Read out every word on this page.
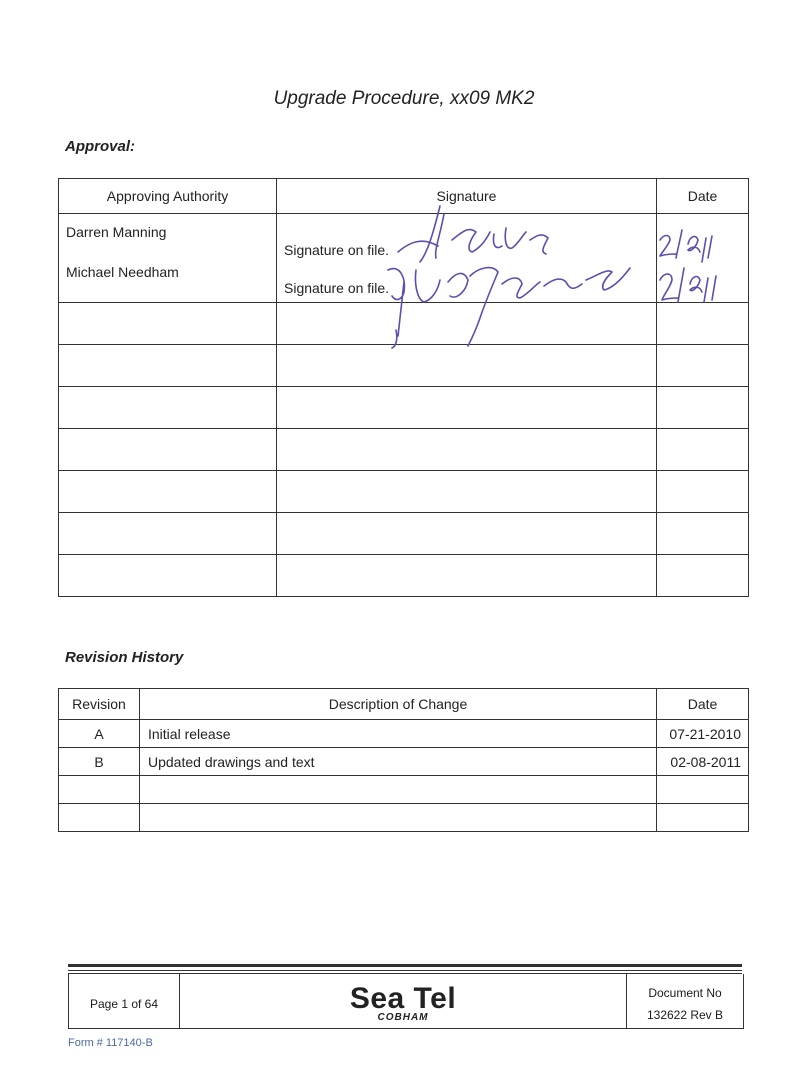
Upgrade Procedure, xx09 MK2
Approval:
Approving Authority	Signature	Date

Darren Manning	Signature on file.	

Michael Needham	Signature on file.	

Revision History
Revision	Description of Change	Date
A	Initial release	07-21-2010
B	Updated drawings and text	02-08-2011

Page 1 of 64	Sea Tel
COBHAM
Document No
132622 Rev B
Form # 117140-B
